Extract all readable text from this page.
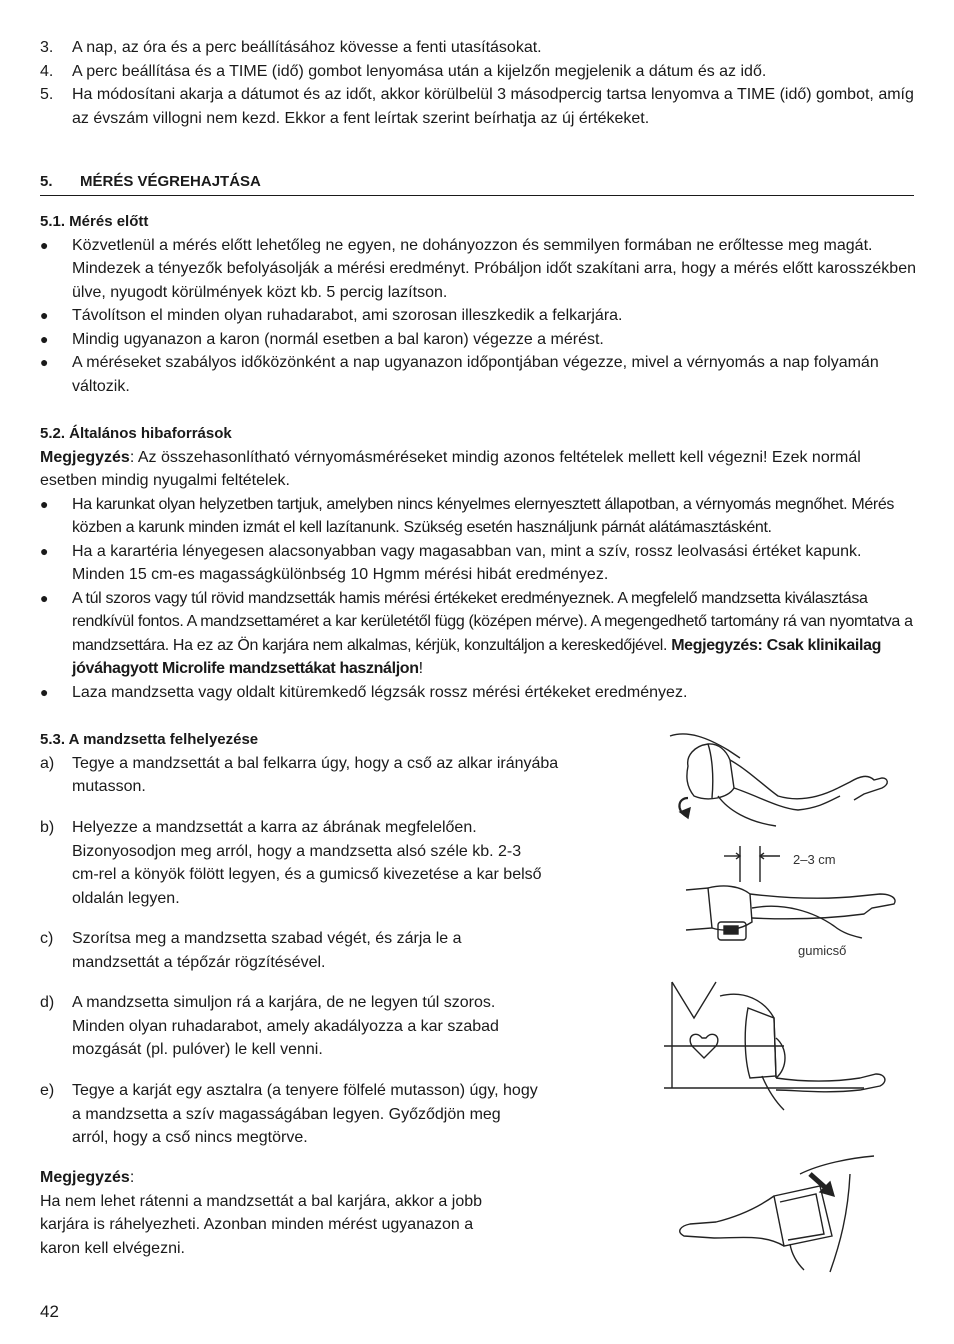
3.	A nap, az óra és a perc beállításához kövesse a fenti utasításokat.
4.	A perc beállítása és a TIME (idő) gombot lenyomása után a kijelzőn megjelenik a dátum és az idő.
5.	Ha módosítani akarja a dátumot és az időt, akkor körülbelül 3 másodpercig tartsa lenyomva a TIME (idő) gombot, amíg az évszám villogni nem kezd. Ekkor a fent leírtak szerint beírhatja az új értékeket.
5. MÉRÉS VÉGREHAJTÁSA
5.1. Mérés előtt
●	Közvetlenül a mérés előtt lehetőleg ne egyen, ne dohányozzon és semmilyen formában ne erőltesse meg magát. Mindezek a tényezők befolyásolják a mérési eredményt. Próbáljon időt szakítani arra, hogy a mérés előtt karosszékben ülve, nyugodt körülmények közt kb. 5 percig lazítson.
●	Távolítson el minden olyan ruhadarabot, ami szorosan illeszkedik a felkarjára.
●	Mindig ugyanazon a karon (normál esetben a bal karon) végezze a mérést.
●	A méréseket szabályos időközönként a nap ugyanazon időpontjában végezze, mivel a vérnyomás a nap folyamán változik.
5.2. Általános hibaforrások
Megjegyzés: Az összehasonlítható vérnyomásméréseket mindig azonos feltételek mellett kell végezni! Ezek normál esetben mindig nyugalmi feltételek.
●	Ha karunkat olyan helyzetben tartjuk, amelyben nincs kényelmes elernyesztett állapotban, a vérnyomás megnőhet. Mérés közben a karunk minden izmát el kell lazítanunk. Szükség esetén használjunk párnát alátámasztásként.
●	Ha a karartéria lényegesen alacsonyabban vagy magasabban van, mint a szív, rossz leolvasási értéket kapunk. Minden 15 cm-es magasságkülönbség 10 Hgmm mérési hibát eredményez.
●	A túl szoros vagy túl rövid mandzsetták hamis mérési értékeket eredményeznek. A megfelelő mandzsetta kiválasztása rendkívül fontos. A mandzsettaméret a kar kerületétől függ (középen mérve). A megengedhető tartomány rá van nyomtatva a mandzsettára. Ha ez az Ön karjára nem alkalmas, kérjük, konzultáljon a kereskedőjével. Megjegyzés: Csak klinikailag jóváhagyott Microlife mandzsettákat használjon!
●	Laza mandzsetta vagy oldalt kitüremkedő légzsák rossz mérési értékeket eredményez.
5.3. A mandzsetta felhelyezése
a)	Tegye a mandzsettát a bal felkarra úgy, hogy a cső az alkar irányába mutasson.
b)	Helyezze a mandzsettát a karra az ábrának megfelelően. Bizonyosodjon meg arról, hogy a mandzsetta alsó széle kb. 2-3 cm-rel a könyök fölött legyen, és a gumicső kivezetése a kar belső oldalán legyen.
c)	Szorítsa meg a mandzsetta szabad végét, és zárja le a mandzsettát a tépőzár rögzítésével.
d)	A mandzsetta simuljon rá a karjára, de ne legyen túl szoros. Minden olyan ruhadarabot, amely akadályozza a kar szabad mozgását (pl. pulóver) le kell venni.
e)	Tegye a karját egy asztalra (a tenyere fölfelé mutasson) úgy, hogy a mandzsetta a szív magasságában legyen. Győződjön meg arról, hogy a cső nincs megtörve.
Megjegyzés:
Ha nem lehet rátenni a mandzsettát a bal karjára, akkor a jobb karjára is ráhelyezheti. Azonban minden mérést ugyanazon a karon kell elvégezni.
2–3 cm
gumicső
42
